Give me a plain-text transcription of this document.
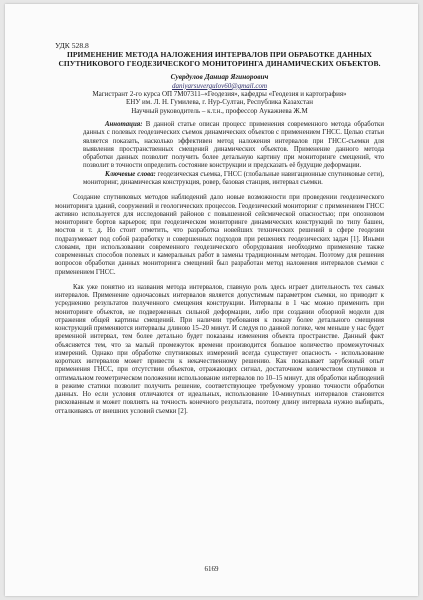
УДК 528.8
ПРИМЕНЕНИЕ МЕТОДА НАЛОЖЕНИЯ ИНТЕРВАЛОВ ПРИ ОБРАБОТКЕ ДАННЫХ СПУТНИКОВОГО ГЕОДЕЗИЧЕСКОГО МОНИТОРИНГА ДИНАМИЧЕСКИХ ОБЪЕКТОВ.
Суврдулов Даниар Ягинорович
daniyarsuvergulov60@gmail.com
Магистрант 2-го курса ОП 7М07311–«Геодезия», кафедры «Геодезия и картография»
ЕНУ им. Л. Н. Гумилева, г. Нур-Султан, Республика Казахстан
Научный руководитель – к.т.н., профессор Аукажиева Ж.М
Аннотация: В данной статье описан процесс применения современного метода обработки данных с полевых геодезических съемок динамических объектов с применением ГНСС. Целью статьи является показать, насколько эффективен метод наложения интервалов при ГНСС-съемки для выявления пространственных смещений динамических объектов. Применение данного метода обработки данных позволит получить более детальную картину при мониторинге смещений, что позволит в точности определить состояние конструкции и предсказать её будущие деформации.
Ключевые слова: геодезическая съемка, ГНСС (глобальные навигационные спутниковые сети), мониторинг, динамическая конструкция, ровер, базовая станция, интервал съемки.
Создание спутниковых методов наблюдений дало новые возможности при проведении геодезического мониторинга зданий, сооружений и геологических процессов. Геодезический мониторинг с применением ГНСС активно используется для исследований районов с повышенной сейсмической опасностью; при опозновом мониторинге бортов карьеров; при геодезическом мониторинге динамических конструкций по типу башен, мостов и т. д. Но стоит отметить, что разработка новейших технических решений в сфере геодезии подразумевает под собой разработку и совершенных подходов при решениях геодезических задач [1]. Иными словами, при использовании современного геодезического оборудования необходимо применение также современных способов полевых и камеральных работ в замены традиционным методам. Поэтому для решения вопросов обработки данных мониторинга смещений был разработан метод наложения интервалов съемки с применением ГНСС.
Как уже понятно из названия метода интервалов, главную роль здесь играет длительность тех самых интервалов. Применение одночасовых интервалов является допустимым параметром съемки, но приводит к усреднению результатов полученного смещения конструкции. Интервалы в 1 час можно применить при мониторинге объектов, не подверженных сильной деформации, либо при создании обзорной модели для отражения общей картины смещений. При наличии требования к показу более детального смещения конструкций применяются интервалы длиною 15–20 минут. И следуя по данной логике, чем меньше у нас будет временной интервал, тем более детально будет показаны изменения объекта пространстве. Данный факт объясняется тем, что за малый промежуток времени производится большое количество промежуточных измерений. Однако при обработке спутниковых измерений всегда существует опасность - использование коротких интервалов может привести к некачественному решению. Как показывает зарубежный опыт применения ГНСС, при отсутствии объектов, отражающих сигнал, достаточном количеством спутников и оптимальном геометрическом положении использование интервалов по 10–15 минут. для обработки наблюдений в режиме статики позволит получить решение, соответствующее требуемому уровню точности обработки данных. Но если условия отличаются от идеальных, использование 10-минутных интервалов становится рискованным и может повлиять на точность конечного результата, поэтому длину интервала нужно выбирать, отталкиваясь от внешних условий съемки [2].
6169
